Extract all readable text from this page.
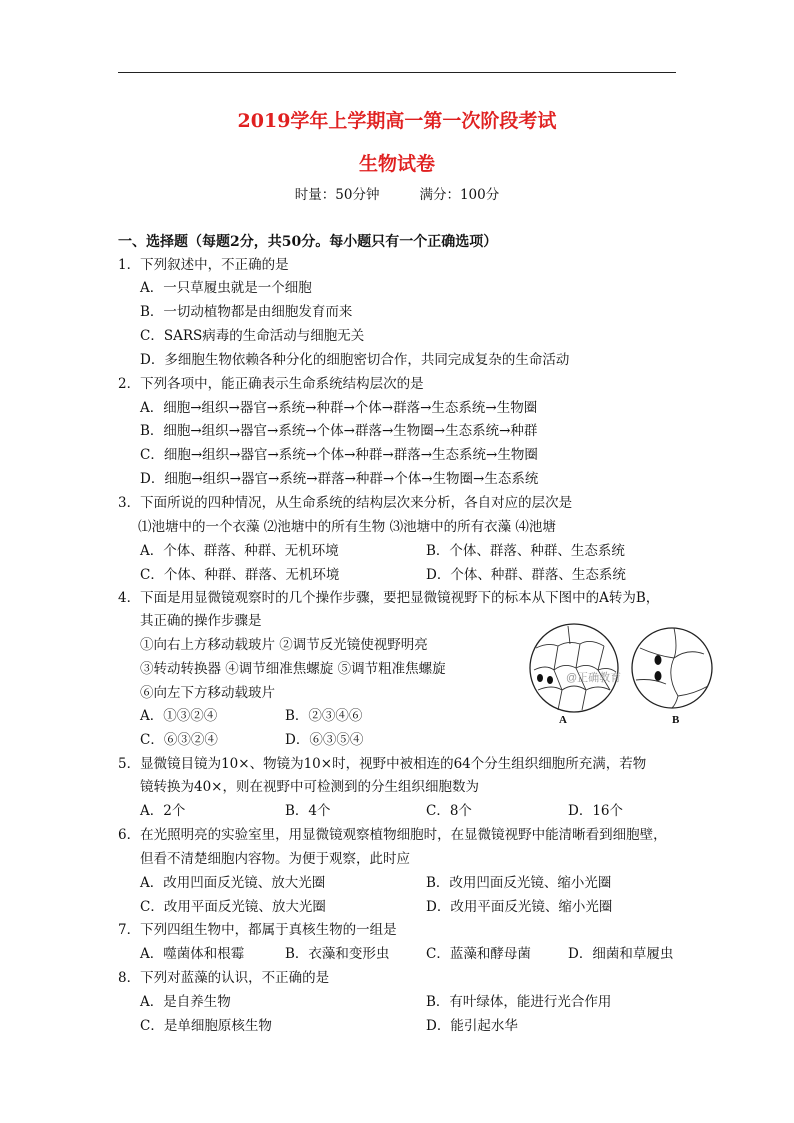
2019学年上学期高一第一次阶段考试
生物试卷
时量：50分钟	满分：100分
一、选择题（每题2分，共50分。每小题只有一个正确选项）
1．下列叙述中，不正确的是
A．一只草履虫就是一个细胞
B．一切动植物都是由细胞发育而来
C．SARS病毒的生命活动与细胞无关
D．多细胞生物依赖各种分化的细胞密切合作，共同完成复杂的生命活动
2．下列各项中，能正确表示生命系统结构层次的是
A．细胞→组织→器官→系统→种群→个体→群落→生态系统→生物圈
B．细胞→组织→器官→系统→个体→群落→生物圈→生态系统→种群
C．细胞→组织→器官→系统→个体→种群→群落→生态系统→生物圈
D．细胞→组织→器官→系统→群落→种群→个体→生物圈→生态系统
3．下面所说的四种情况，从生命系统的结构层次来分析，各自对应的层次是
⑴池塘中的一个衣藻 ⑵池塘中的所有生物 ⑶池塘中的所有衣藻 ⑷池塘
A．个体、群落、种群、无机环境	B．个体、群落、种群、生态系统
C．个体、种群、群落、无机环境	D．个体、种群、群落、生态系统
4．下面是用显微镜观察时的几个操作步骤，要把显微镜视野下的标本从下图中的A转为B，
其正确的操作步骤是
①向右上方移动载玻片 ②调节反光镜使视野明亮
③转动转换器 ④调节细准焦螺旋 ⑤调节粗准焦螺旋
⑥向左下方移动载玻片
A．①③②④	B．②③④⑥
C．⑥③②④	D．⑥③⑤④
@正确教育
A	B
5．显微镜目镜为10×、物镜为10×时，视野中被相连的64个分生组织细胞所充满，若物
镜转换为40×，则在视野中可检测到的分生组织细胞数为
A．2个	B．4个	C．8个	D．16个
6．在光照明亮的实验室里，用显微镜观察植物细胞时，在显微镜视野中能清晰看到细胞壁，
但看不清楚细胞内容物。为便于观察，此时应
A．改用凹面反光镜、放大光圈	B．改用凹面反光镜、缩小光圈
C．改用平面反光镜、放大光圈	D．改用平面反光镜、缩小光圈
7．下列四组生物中，都属于真核生物的一组是
A．噬菌体和根霉	B．衣藻和变形虫	C．蓝藻和酵母菌	D．细菌和草履虫
8．下列对蓝藻的认识，不正确的是
A．是自养生物	B．有叶绿体，能进行光合作用
C．是单细胞原核生物	D．能引起水华
